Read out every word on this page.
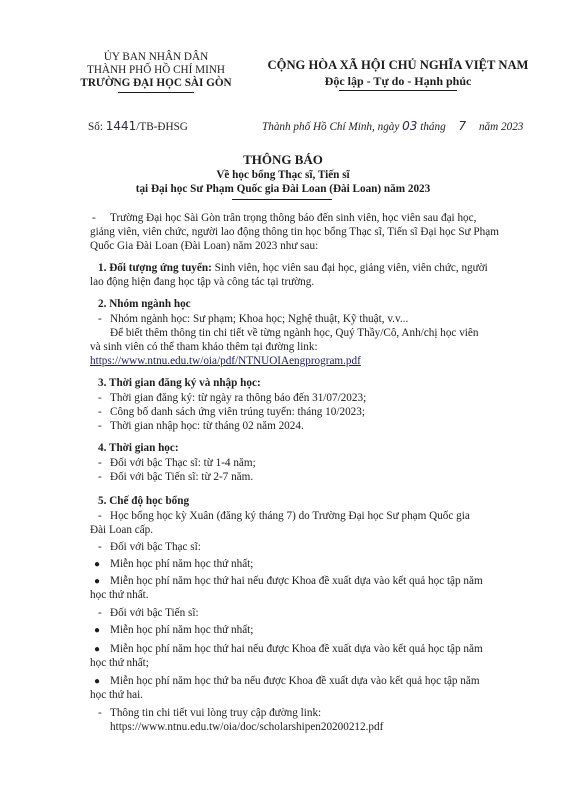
ỦY BAN NHÂN DÂN
THÀNH PHỐ HỒ CHÍ MINH
TRƯỜNG ĐẠI HỌC SÀI GÒN
CỘNG HÒA XÃ HỘI CHỦ NGHĨA VIỆT NAM
Độc lập - Tự do - Hạnh phúc
Số: 1441/TB-ĐHSG	Thành phố Hồ Chí Minh, ngày 03 tháng 7 năm 2023
THÔNG BÁO
Về học bổng Thạc sĩ, Tiến sĩ
tại Đại học Sư Phạm Quốc gia Đài Loan (Đài Loan) năm 2023
- Trường Đại học Sài Gòn trân trọng thông báo đến sinh viên, học viên sau đại học,
giảng viên, viên chức, người lao động thông tin học bổng Thạc sĩ, Tiến sĩ Đại học Sư Phạm
Quốc Gia Đài Loan (Đài Loan) năm 2023 như sau:
1. Đối tượng ứng tuyển: Sinh viên, học viên sau đại học, giảng viên, viên chức, người
lao động hiện đang học tập và công tác tại trường.
2. Nhóm ngành học
- Nhóm ngành học: Sư phạm; Khoa học; Nghệ thuật, Kỹ thuật, v.v...
Để biết thêm thông tin chi tiết về từng ngành học, Quý Thầy/Cô, Anh/chị học viên
và sinh viên có thể tham khảo thêm tại đường link:
https://www.ntnu.edu.tw/oia/pdf/NTNUOIAengprogram.pdf
3. Thời gian đăng ký và nhập học:
- Thời gian đăng ký: từ ngày ra thông báo đến 31/07/2023;
- Công bố danh sách ứng viên trúng tuyển: tháng 10/2023;
- Thời gian nhập học: từ tháng 02 năm 2024.
4. Thời gian học:
- Đối với bậc Thạc sĩ: từ 1-4 năm;
- Đối với bậc Tiến sĩ: từ 2-7 năm.
5. Chế độ học bổng
- Học bổng học kỳ Xuân (đăng ký tháng 7) do Trường Đại học Sư phạm Quốc gia
Đài Loan cấp.
- Đối với bậc Thạc sĩ:
● Miễn học phí năm học thứ nhất;
● Miễn học phí năm học thứ hai nếu được Khoa đề xuất dựa vào kết quả học tập năm
học thứ nhất.
- Đối với bậc Tiến sĩ:
● Miễn học phí năm học thứ nhất;
● Miễn học phí năm học thứ hai nếu được Khoa đề xuất dựa vào kết quả học tập năm
học thứ nhất;
● Miễn học phí năm học thứ ba nếu được Khoa đề xuất dựa vào kết quả học tập năm
học thứ hai.
- Thông tin chi tiết vui lòng truy cập đường link:
https://www.ntnu.edu.tw/oia/doc/scholarshipen20200212.pdf
